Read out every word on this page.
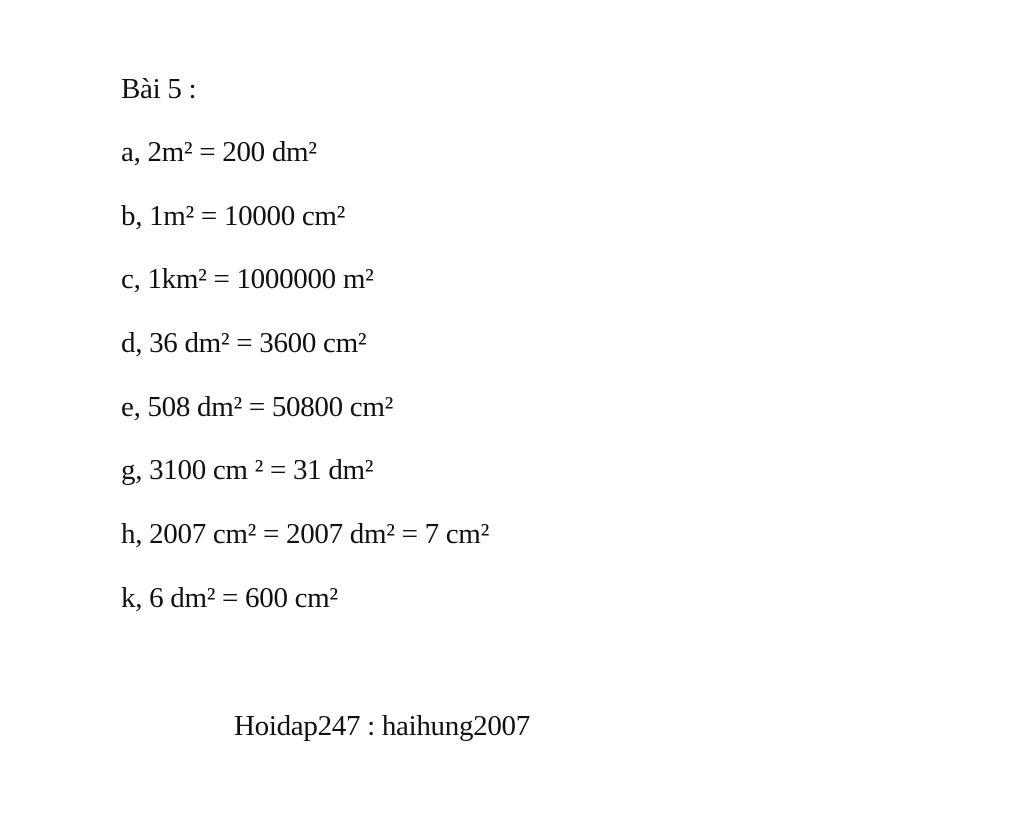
Bài 5 :
a, 2m² = 200 dm²
b, 1m² = 10000 cm²
c, 1km² = 1000000 m²
d, 36 dm² = 3600 cm²
e, 508 dm² = 50800 cm²
g, 3100 cm ² = 31 dm²
h, 2007 cm² = 2007 dm² = 7 cm²
k, 6 dm² = 600 cm²
Hoidap247 : haihung2007
